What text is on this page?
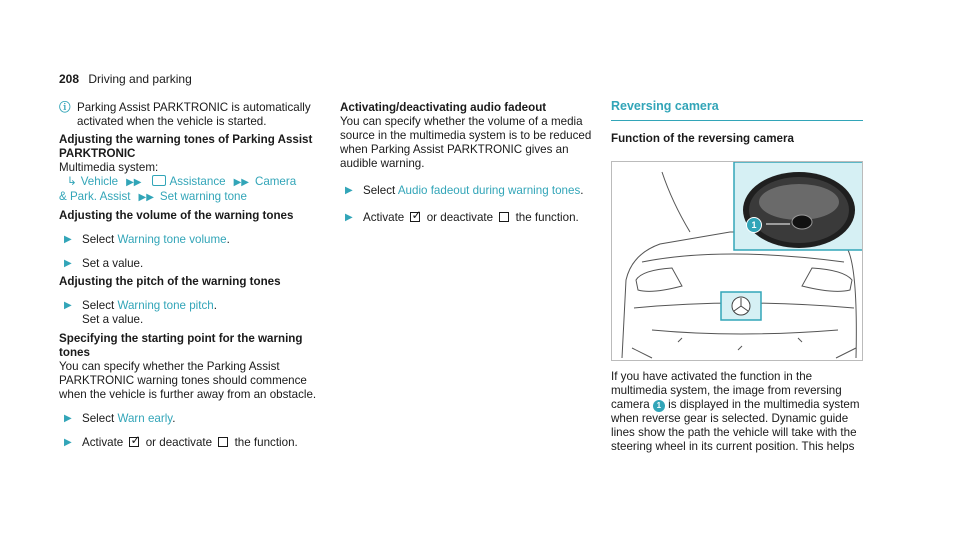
208 Driving and parking
ⓘ Parking Assist PARKTRONIC is automatically activated when the vehicle is started.

Adjusting the warning tones of Parking Assist PARKTRONIC

Multimedia system:

↳ Vehicle ▶▶ Assistance ▶▶ Camera

& Park. Assist ▶▶ Set warning tone

Adjusting the volume of the warning tones

▶ Select Warning tone volume.

▶ Set a value.

Adjusting the pitch of the warning tones

▶ Select Warning tone pitch.
Set a value.

Specifying the starting point for the warning tones

You can specify whether the Parking Assist PARKTRONIC warning tones should commence when the vehicle is further away from an obstacle.

▶ Select Warn early.

▶ Activate ✓ or deactivate the function.

Activating/deactivating audio fadeout

You can specify whether the volume of a media source in the multimedia system is to be reduced when Parking Assist PARKTRONIC gives an audible warning.

▶ Select Audio fadeout during warning tones.

▶ Activate ✓ or deactivate the function.

Reversing camera

Function of the reversing camera

1

If you have activated the function in the multimedia system, the image from reversing camera 1 is displayed in the multimedia system when reverse gear is selected. Dynamic guide lines show the path the vehicle will take with the steering wheel in its current position. This helps
